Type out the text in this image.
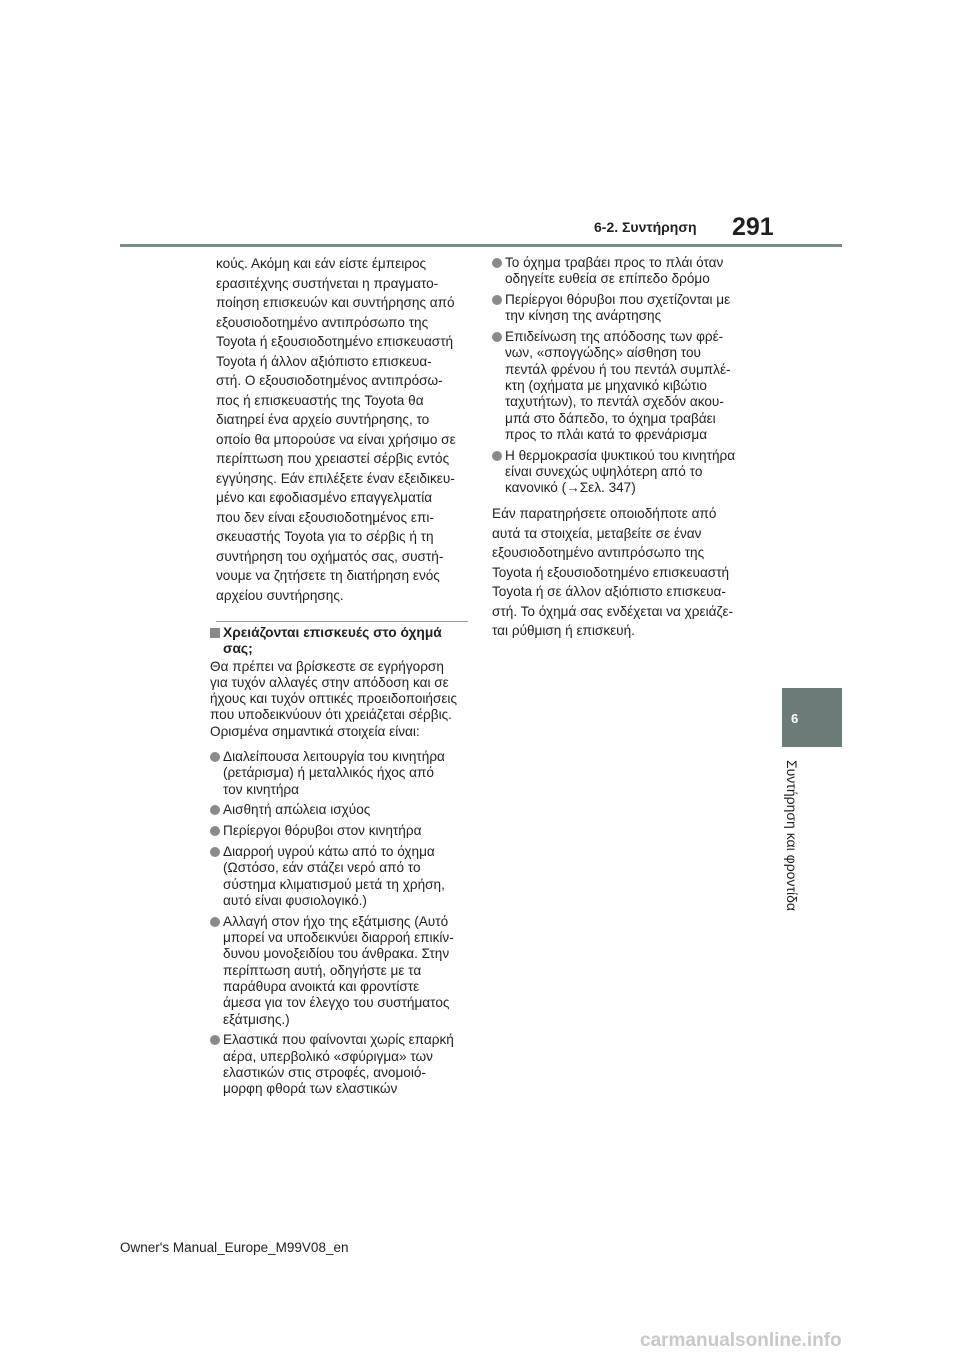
6-2. Συντήρηση 291
6
Συντήρηση και φροντίδα
κούς. Ακόμη και εάν είστε έμπειρος
ερασιτέχνης συστήνεται η πραγματο-
ποίηση επισκευών και συντήρησης από
εξουσιοδοτημένο αντιπρόσωπο της
Toyota ή εξουσιοδοτημένο επισκευαστή
Toyota ή άλλον αξιόπιστο επισκευα-
στή. Ο εξουσιοδοτημένος αντιπρόσω-
πος ή επισκευαστής της Toyota θα
διατηρεί ένα αρχείο συντήρησης, το
οποίο θα μπορούσε να είναι χρήσιμο σε
περίπτωση που χρειαστεί σέρβις εντός
εγγύησης. Εάν επιλέξετε έναν εξειδικευ-
μένο και εφοδιασμένο επαγγελματία
που δεν είναι εξουσιοδοτημένος επι-
σκευαστής Toyota για το σέρβις ή τη
συντήρηση του οχήματός σας, συστή-
νουμε να ζητήσετε τη διατήρηση ενός
αρχείου συντήρησης.
Χρειάζονται επισκευές στο όχημά
σας;
Θα πρέπει να βρίσκεστε σε εγρήγορση
για τυχόν αλλαγές στην απόδοση και σε
ήχους και τυχόν οπτικές προειδοποιήσεις
που υποδεικνύουν ότι χρειάζεται σέρβις.
Ορισμένα σημαντικά στοιχεία είναι:
Διαλείπουσα λειτουργία του κινητήρα
(ρετάρισμα) ή μεταλλικός ήχος από
τον κινητήρα
Αισθητή απώλεια ισχύος
Περίεργοι θόρυβοι στον κινητήρα
Διαρροή υγρού κάτω από το όχημα
(Ωστόσο, εάν στάζει νερό από το
σύστημα κλιματισμού μετά τη χρήση,
αυτό είναι φυσιολογικό.)
Αλλαγή στον ήχο της εξάτμισης (Αυτό
μπορεί να υποδεικνύει διαρροή επικίν-
δυνου μονοξειδίου του άνθρακα. Στην
περίπτωση αυτή, οδηγήστε με τα
παράθυρα ανοικτά και φροντίστε
άμεσα για τον έλεγχο του συστήματος
εξάτμισης.)
Ελαστικά που φαίνονται χωρίς επαρκή
αέρα, υπερβολικό «σφύριγμα» των
ελαστικών στις στροφές, ανομοιό-
μορφη φθορά των ελαστικών
Το όχημα τραβάει προς το πλάι όταν
οδηγείτε ευθεία σε επίπεδο δρόμο
Περίεργοι θόρυβοι που σχετίζονται με
την κίνηση της ανάρτησης
Επιδείνωση της απόδοσης των φρέ-
νων, «σπογγώδης» αίσθηση του
πεντάλ φρένου ή του πεντάλ συμπλέ-
κτη (οχήματα με μηχανικό κιβώτιο
ταχυτήτων), το πεντάλ σχεδόν ακου-
μπά στο δάπεδο, το όχημα τραβάει
προς το πλάι κατά το φρενάρισμα
Η θερμοκρασία ψυκτικού του κινητήρα
είναι συνεχώς υψηλότερη από το
κανονικό (→Σελ. 347)
Εάν παρατηρήσετε οποιοδήποτε από
αυτά τα στοιχεία, μεταβείτε σε έναν
εξουσιοδοτημένο αντιπρόσωπο της
Toyota ή εξουσιοδοτημένο επισκευαστή
Toyota ή σε άλλον αξιόπιστο επισκευα-
στή. Το όχημά σας ενδέχεται να χρειάζε-
ται ρύθμιση ή επισκευή.
Owner's Manual_Europe_M99V08_en
carmanualsonline.info
